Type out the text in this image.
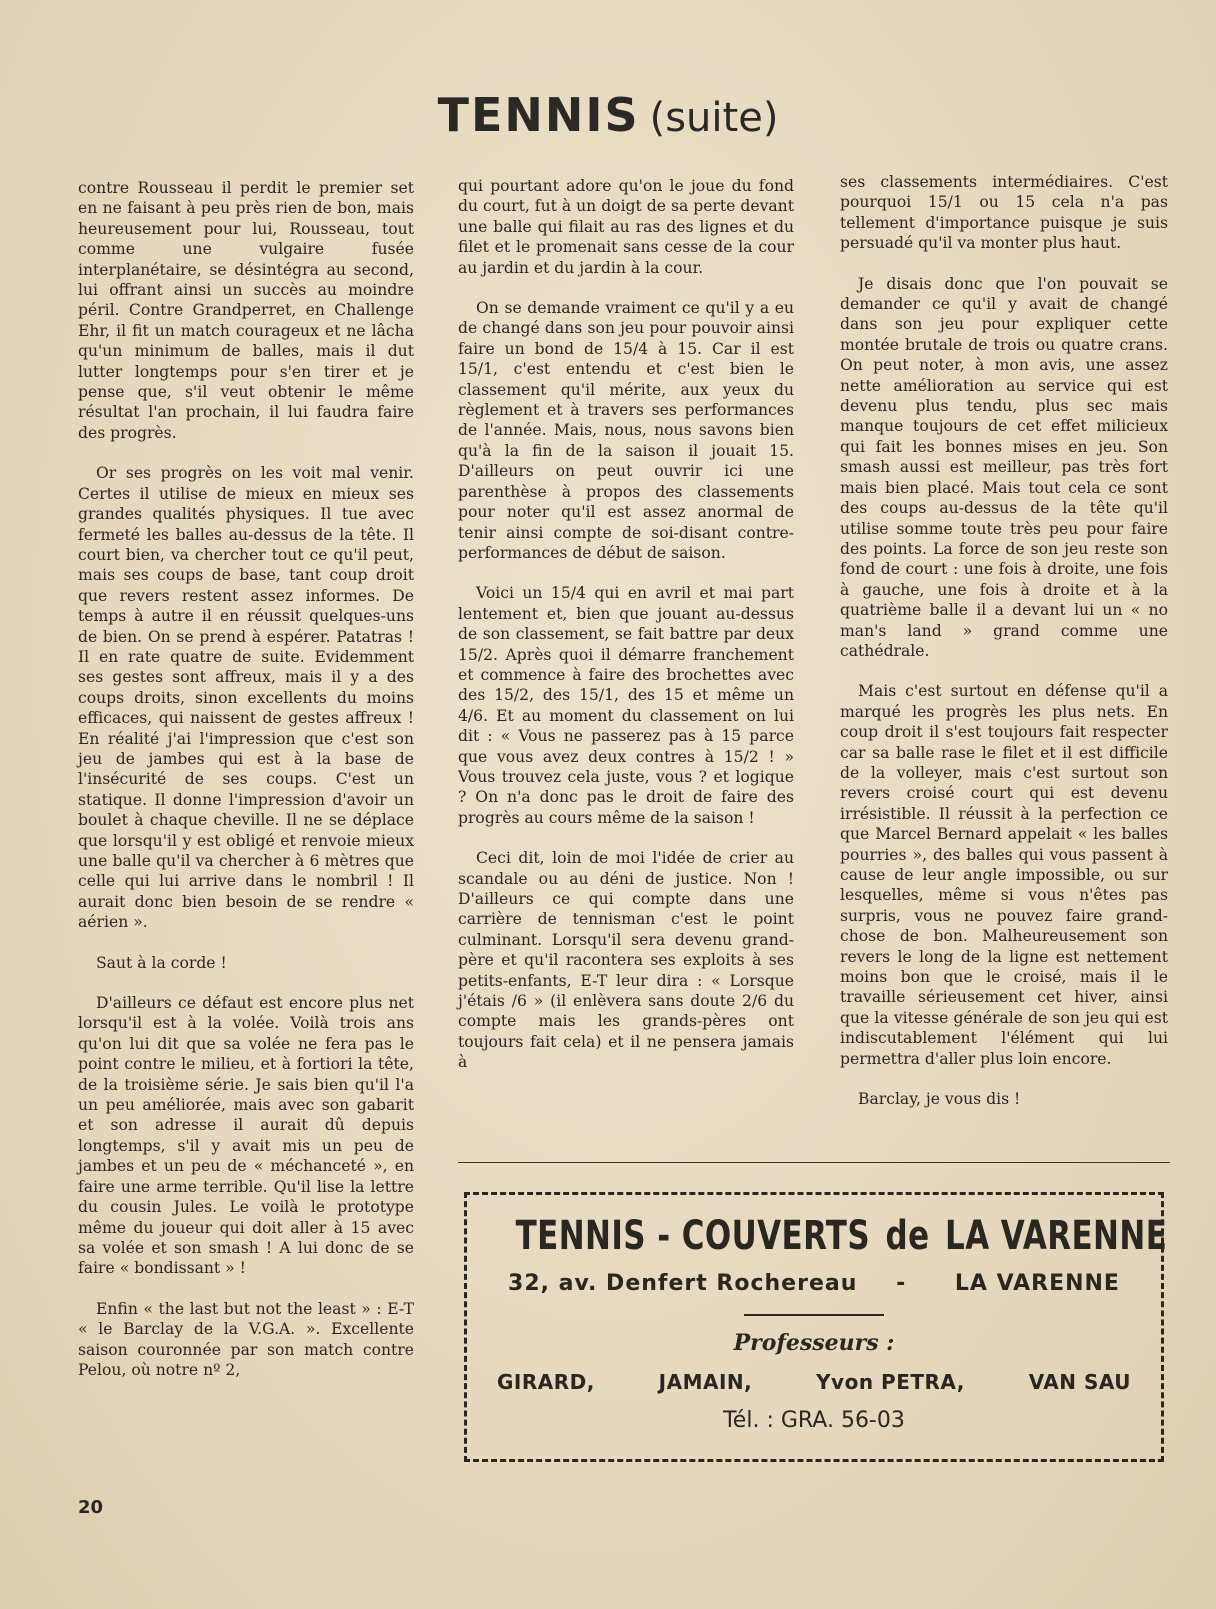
TENNIS (suite)

contre Rousseau il perdit le premier set en ne faisant à peu près rien de bon, mais heureusement pour lui, Rousseau, tout comme une vulgaire fusée interplanétaire, se désintégra au second, lui offrant ainsi un succès au moindre péril. Contre Grandperret, en Challenge Ehr, il fit un match courageux et ne lâcha qu'un minimum de balles, mais il dut lutter longtemps pour s'en tirer et je pense que, s'il veut obtenir le même résultat l'an prochain, il lui faudra faire des progrès.

Or ses progrès on les voit mal venir. Certes il utilise de mieux en mieux ses grandes qualités physiques. Il tue avec fermeté les balles au-dessus de la tête. Il court bien, va chercher tout ce qu'il peut, mais ses coups de base, tant coup droit que revers restent assez informes. De temps à autre il en réussit quelques-uns de bien. On se prend à espérer. Patatras ! Il en rate quatre de suite. Evidemment ses gestes sont affreux, mais il y a des coups droits, sinon excellents du moins efficaces, qui naissent de gestes affreux ! En réalité j'ai l'impression que c'est son jeu de jambes qui est à la base de l'insécurité de ses coups. C'est un statique. Il donne l'impression d'avoir un boulet à chaque cheville. Il ne se déplace que lorsqu'il y est obligé et renvoie mieux une balle qu'il va chercher à 6 mètres que celle qui lui arrive dans le nombril ! Il aurait donc bien besoin de se rendre « aérien ».

Saut à la corde !

D'ailleurs ce défaut est encore plus net lorsqu'il est à la volée. Voilà trois ans qu'on lui dit que sa volée ne fera pas le point contre le milieu, et à fortiori la tête, de la troisième série. Je sais bien qu'il l'a un peu améliorée, mais avec son gabarit et son adresse il aurait dû depuis longtemps, s'il y avait mis un peu de jambes et un peu de « méchanceté », en faire une arme terrible. Qu'il lise la lettre du cousin Jules. Le voilà le prototype même du joueur qui doit aller à 15 avec sa volée et son smash ! A lui donc de se faire « bondissant » !

Enfin « the last but not the least » : E-T « le Barclay de la V.G.A. ». Excellente saison couronnée par son match contre Pelou, où notre nº 2,

qui pourtant adore qu'on le joue du fond du court, fut à un doigt de sa perte devant une balle qui filait au ras des lignes et du filet et le promenait sans cesse de la cour au jardin et du jardin à la cour.

On se demande vraiment ce qu'il y a eu de changé dans son jeu pour pouvoir ainsi faire un bond de 15/4 à 15. Car il est 15/1, c'est entendu et c'est bien le classement qu'il mérite, aux yeux du règlement et à travers ses performances de l'année. Mais, nous, nous savons bien qu'à la fin de la saison il jouait 15. D'ailleurs on peut ouvrir ici une parenthèse à propos des classements pour noter qu'il est assez anormal de tenir ainsi compte de soi-disant contre-performances de début de saison.

Voici un 15/4 qui en avril et mai part lentement et, bien que jouant au-dessus de son classement, se fait battre par deux 15/2. Après quoi il démarre franchement et commence à faire des brochettes avec des 15/2, des 15/1, des 15 et même un 4/6. Et au moment du classement on lui dit : « Vous ne passerez pas à 15 parce que vous avez deux contres à 15/2 ! » Vous trouvez cela juste, vous ? et logique ? On n'a donc pas le droit de faire des progrès au cours même de la saison !

Ceci dit, loin de moi l'idée de crier au scandale ou au déni de justice. Non ! D'ailleurs ce qui compte dans une carrière de tennisman c'est le point culminant. Lorsqu'il sera devenu grand-père et qu'il racontera ses exploits à ses petits-enfants, E-T leur dira : « Lorsque j'étais /6 » (il enlèvera sans doute 2/6 du compte mais les grands-pères ont toujours fait cela) et il ne pensera jamais à

ses classements intermédiaires. C'est pourquoi 15/1 ou 15 cela n'a pas tellement d'importance puisque je suis persuadé qu'il va monter plus haut.

Je disais donc que l'on pouvait se demander ce qu'il y avait de changé dans son jeu pour expliquer cette montée brutale de trois ou quatre crans. On peut noter, à mon avis, une assez nette amélioration au service qui est devenu plus tendu, plus sec mais manque toujours de cet effet milicieux qui fait les bonnes mises en jeu. Son smash aussi est meilleur, pas très fort mais bien placé. Mais tout cela ce sont des coups au-dessus de la tête qu'il utilise somme toute très peu pour faire des points. La force de son jeu reste son fond de court : une fois à droite, une fois à gauche, une fois à droite et à la quatrième balle il a devant lui un « no man's land » grand comme une cathédrale.

Mais c'est surtout en défense qu'il a marqué les progrès les plus nets. En coup droit il s'est toujours fait respecter car sa balle rase le filet et il est difficile de la volleyer, mais c'est surtout son revers croisé court qui est devenu irrésistible. Il réussit à la perfection ce que Marcel Bernard appelait « les balles pourries », des balles qui vous passent à cause de leur angle impossible, ou sur lesquelles, même si vous n'êtes pas surpris, vous ne pouvez faire grand-chose de bon. Malheureusement son revers le long de la ligne est nettement moins bon que le croisé, mais il le travaille sérieusement cet hiver, ainsi que la vitesse générale de son jeu qui est indiscutablement l'élément qui lui permettra d'aller plus loin encore.

Barclay, je vous dis !

TENNIS - COUVERTS de LA VARENNE
32, av. Denfert Rochereau - LA VARENNE
Professeurs :
GIRARD,	JAMAIN,	Yvon PETRA,	VAN SAU
Tél. : GRA. 56-03
20
